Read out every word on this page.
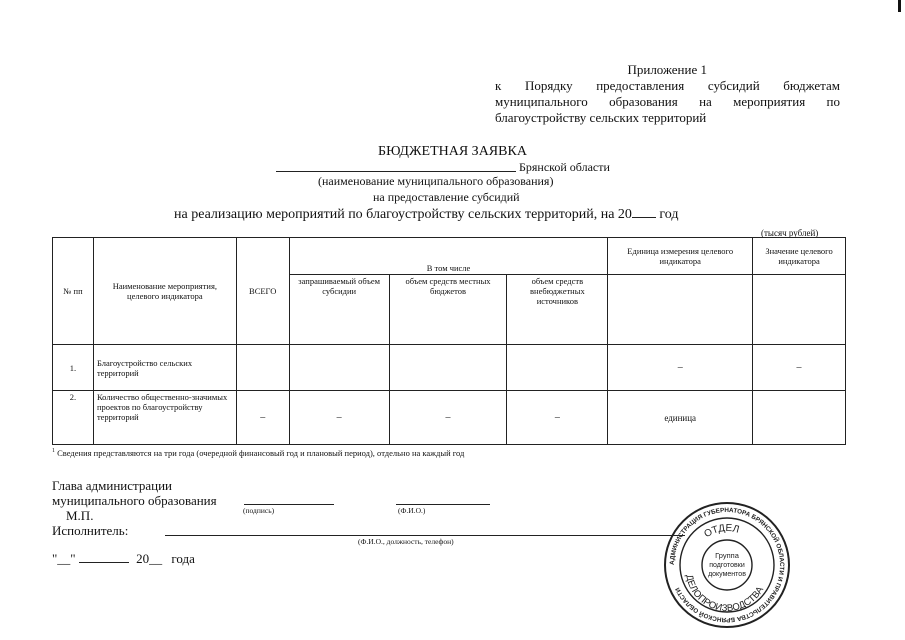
Приложение 1
к Порядку предоставления субсидий бюджетам
муниципального образования на мероприятия по
благоустройству сельских территорий
БЮДЖЕТНАЯ ЗАЯВКА
Брянской области
(наименование муниципального образования)
на предоставление субсидий
на реализацию мероприятий по благоустройству сельских территорий, на 20 год
(тысяч рублей)
№ пп	Наименование мероприятия, целевого индикатора	ВСЕГО	В том числе			Единица измерения целевого индикатора	Значение целевого индикатора
			запрашиваемый объем субсидии	объем средств местных бюджетов	объем средств внебюджетных источников		
1.	Благоустройство сельских территорий					–	–
2.	Количество общественно-значимых проектов по благоустройству территорий	–	–	–	–	единица	
$^1$ Сведения представляются на три года (очередной финансовый год и плановый период), отдельно на каждый год
Глава администрации
муниципального образования
М.П.
Исполнитель:
(подпись)	(Ф.И.О.)
(Ф.И.О., должность, телефон)
"__"	20__ года	АДМИНИСТРАЦИЯ ГУБЕРНАТОРА БРЯНСКОЙ ОБЛАСТИ И ПРАВИТЕЛЬСТВА БРЯНСКОЙ ОБЛАСТИ
ОТДЕЛ
ДЕЛОПРОИЗВОДСТВА
Группа
подготовки
документов
